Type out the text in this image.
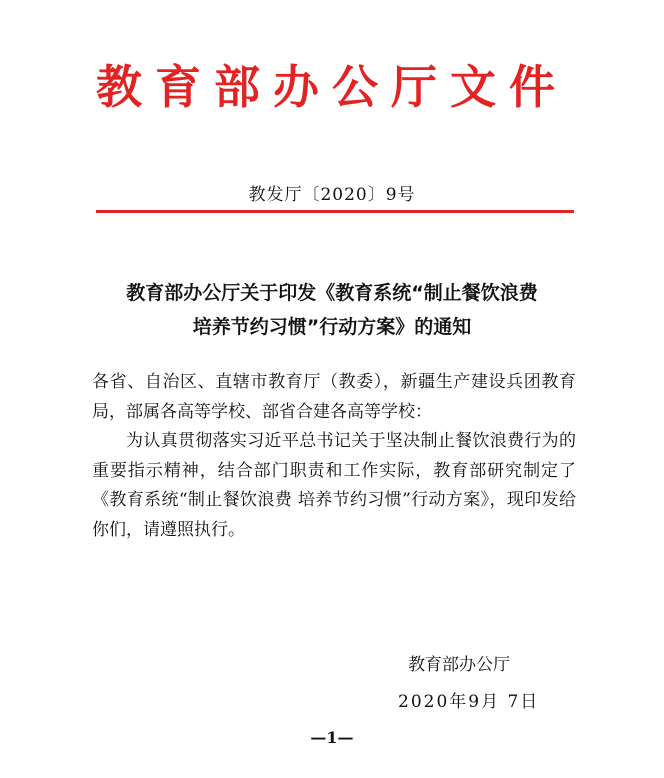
教育部办公厅文件
教发厅〔2020〕9号
教育部办公厅关于印发《教育系统“制止餐饮浪费
培养节约习惯”行动方案》的通知

各省、自治区、直辖市教育厅（教委），新疆生产建设兵团教育局，部属各高等学校、部省合建各高等学校：

为认真贯彻落实习近平总书记关于坚决制止餐饮浪费行为的重要指示精神，结合部门职责和工作实际，教育部研究制定了《教育系统“制止餐饮浪费 培养节约习惯”行动方案》，现印发给你们，请遵照执行。

教育部办公厅
2020年9月 7日
—1—
